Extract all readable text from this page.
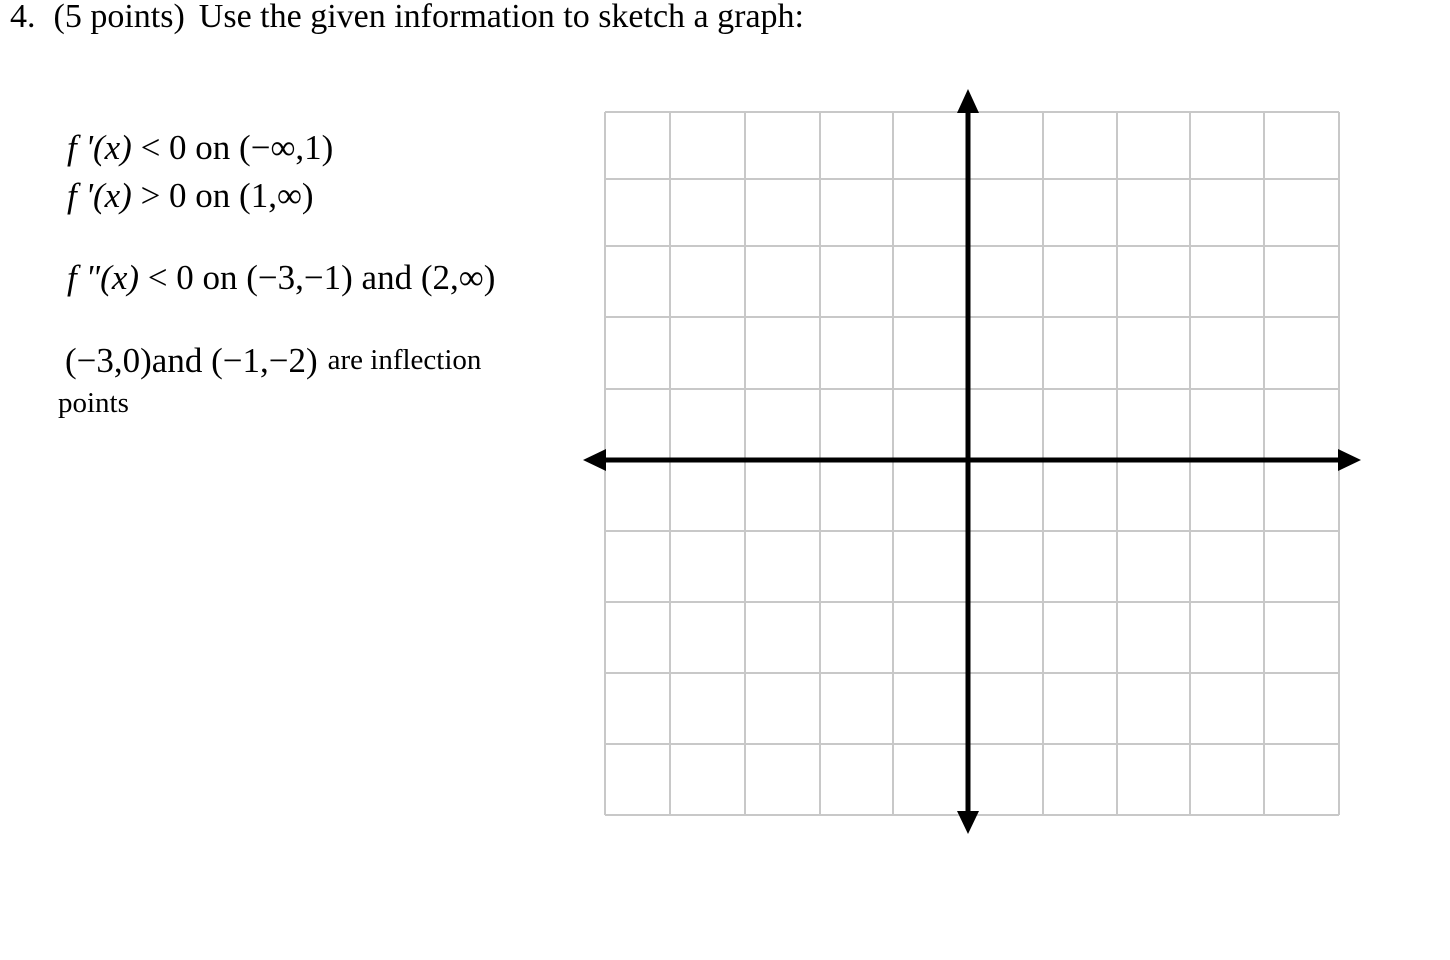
4. (5 points) Use the given information to sketch a graph:
f '(x) < 0 on (−∞,1)
f '(x) > 0 on (1,∞)
f "(x) < 0 on (−3,−1) and (2,∞)
(−3,0)and (−1,−2) are inflection
points
